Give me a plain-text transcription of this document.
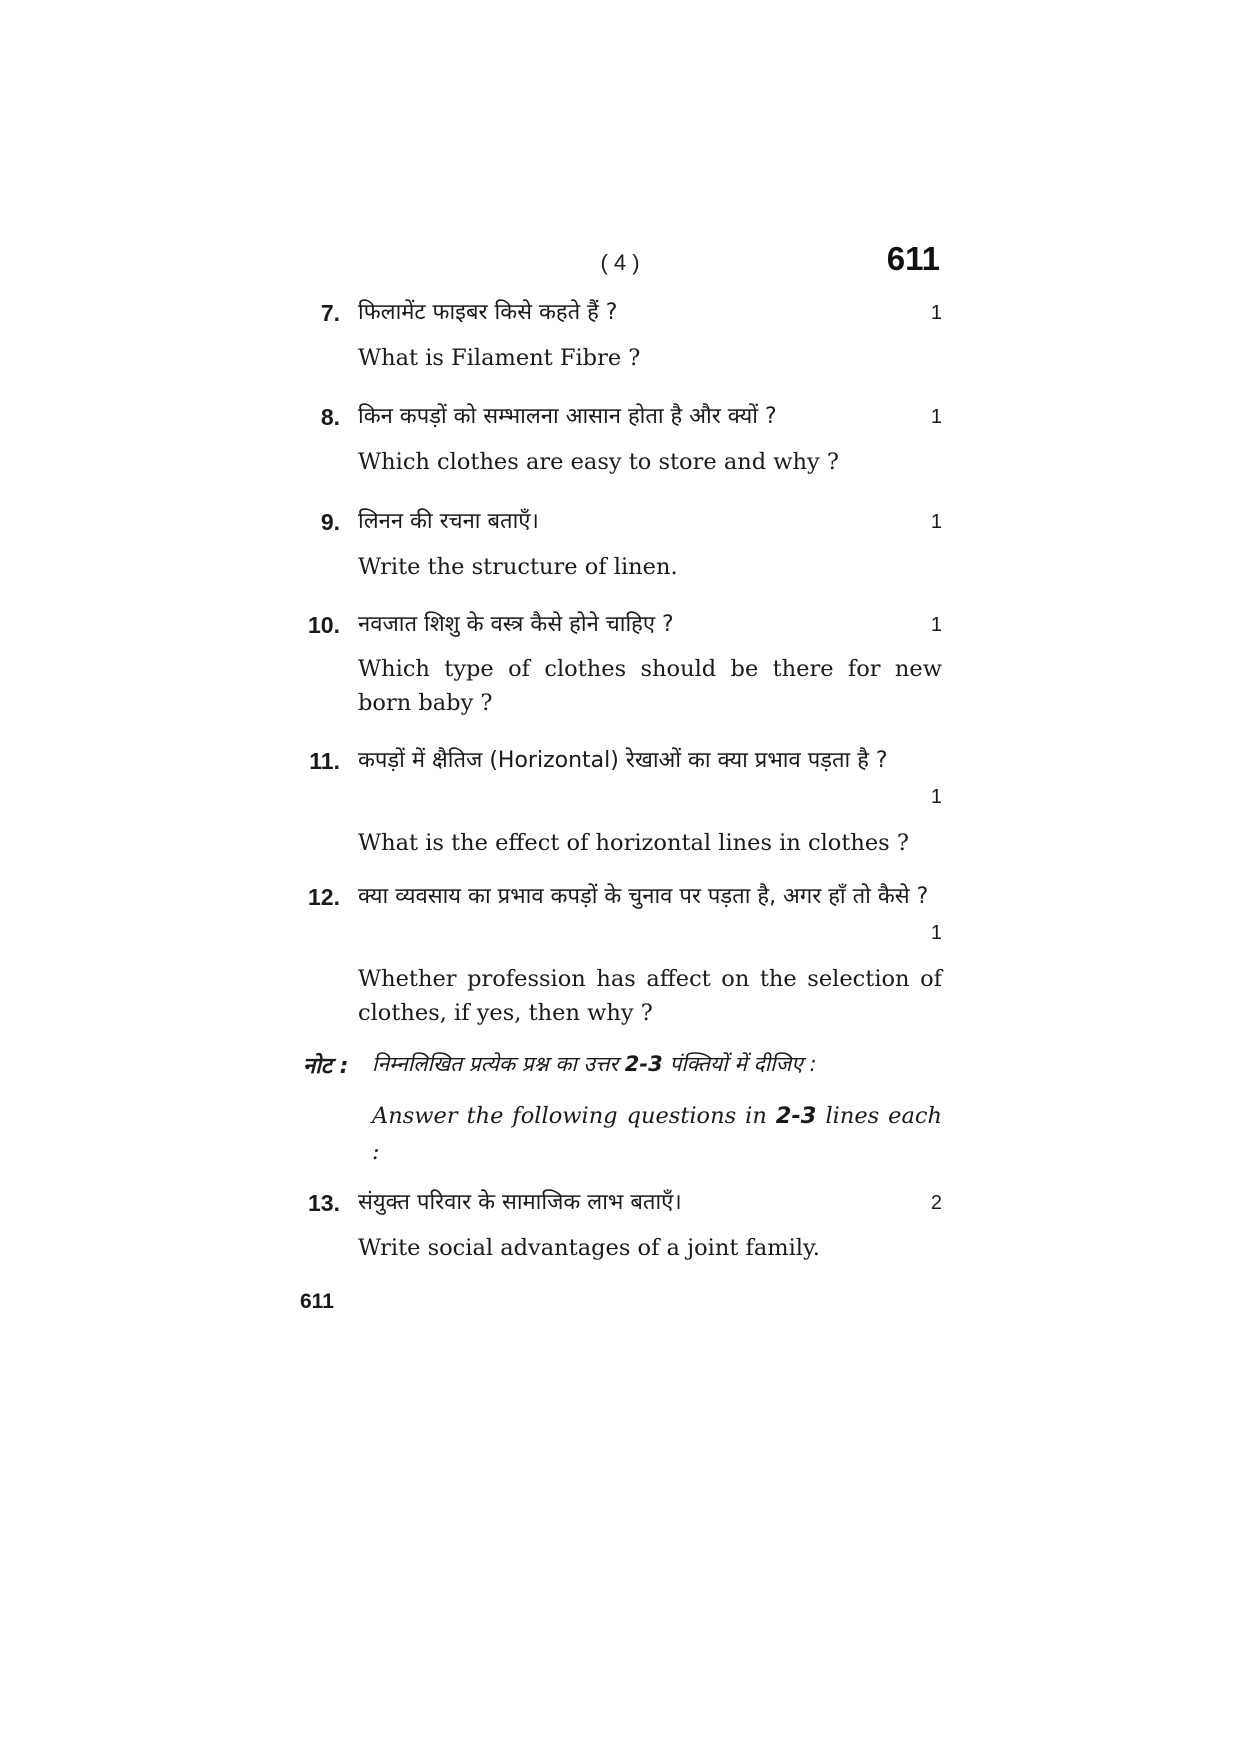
( 4 )	611
7. फिलामेंट फाइबर किसे कहते हैं ?	1
What is Filament Fibre ?
8. किन कपड़ों को सम्भालना आसान होता है और क्यों ?	1
Which clothes are easy to store and why ?
9. लिनन की रचना बताएँ।	1
Write the structure of linen.
10. नवजात शिशु के वस्त्र कैसे होने चाहिए ?	1
Which type of clothes should be there for new born baby ?
11. कपड़ों में क्षैतिज (Horizontal) रेखाओं का क्या प्रभाव पड़ता है ?
1
What is the effect of horizontal lines in clothes ?
12. क्या व्यवसाय का प्रभाव कपड़ों के चुनाव पर पड़ता है, अगर हाँ तो कैसे ?
1
Whether profession has affect on the selection of clothes, if yes, then why ?
नोट : निम्नलिखित प्रत्येक प्रश्न का उत्तर 2-3 पंक्तियों में दीजिए :
Answer the following questions in 2-3 lines each :
13. संयुक्त परिवार के सामाजिक लाभ बताएँ।	2
Write social advantages of a joint family.
611
